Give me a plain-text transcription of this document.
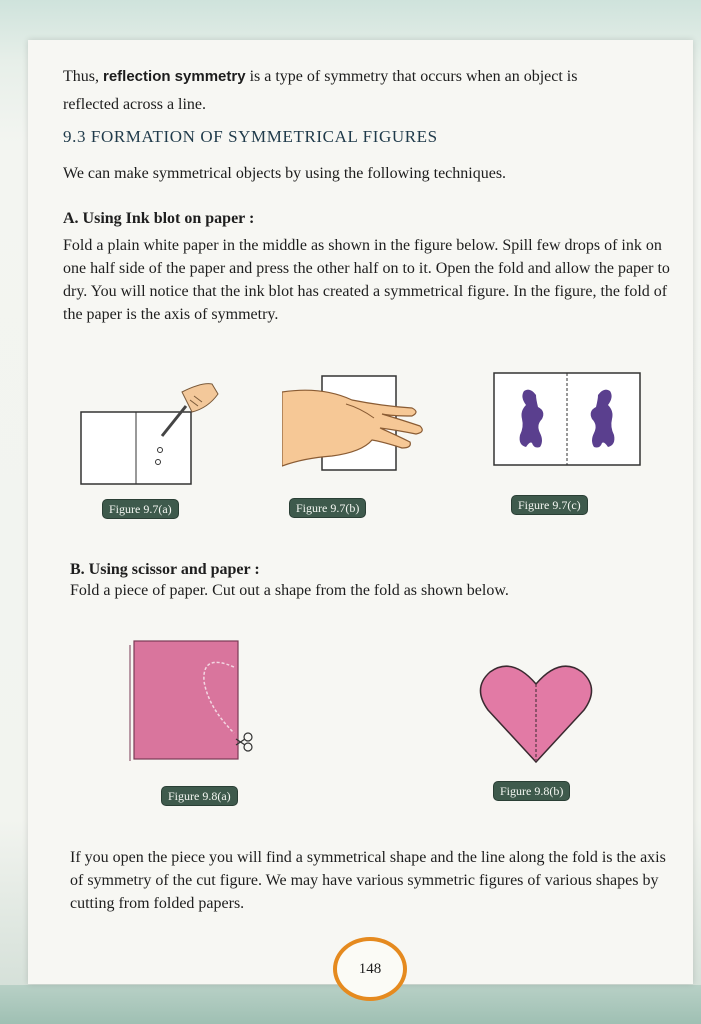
Thus, reflection symmetry is a type of symmetry that occurs when an object is
reflected across a line.
9.3 FORMATION OF SYMMETRICAL FIGURES
We can make symmetrical objects by using the following techniques.
A. Using Ink blot on paper :
Fold a plain white paper in the middle as shown in the figure below. Spill few drops of ink on one half side of the paper and press the other half on to it. Open the fold and allow the paper to dry. You will notice that the ink blot has created a symmetrical figure. In the figure, the fold of the paper is the axis of symmetry.
Figure 9.7(a)	Figure 9.7(b)	Figure 9.7(c)
B. Using scissor and paper :
Fold a piece of paper. Cut out a shape from the fold as shown below.
Figure 9.8(a)	Figure 9.8(b)
If you open the piece you will find a symmetrical shape and the line along the fold is the axis of symmetry of the cut figure. We may have various symmetric figures of various shapes by cutting from folded papers.
148
